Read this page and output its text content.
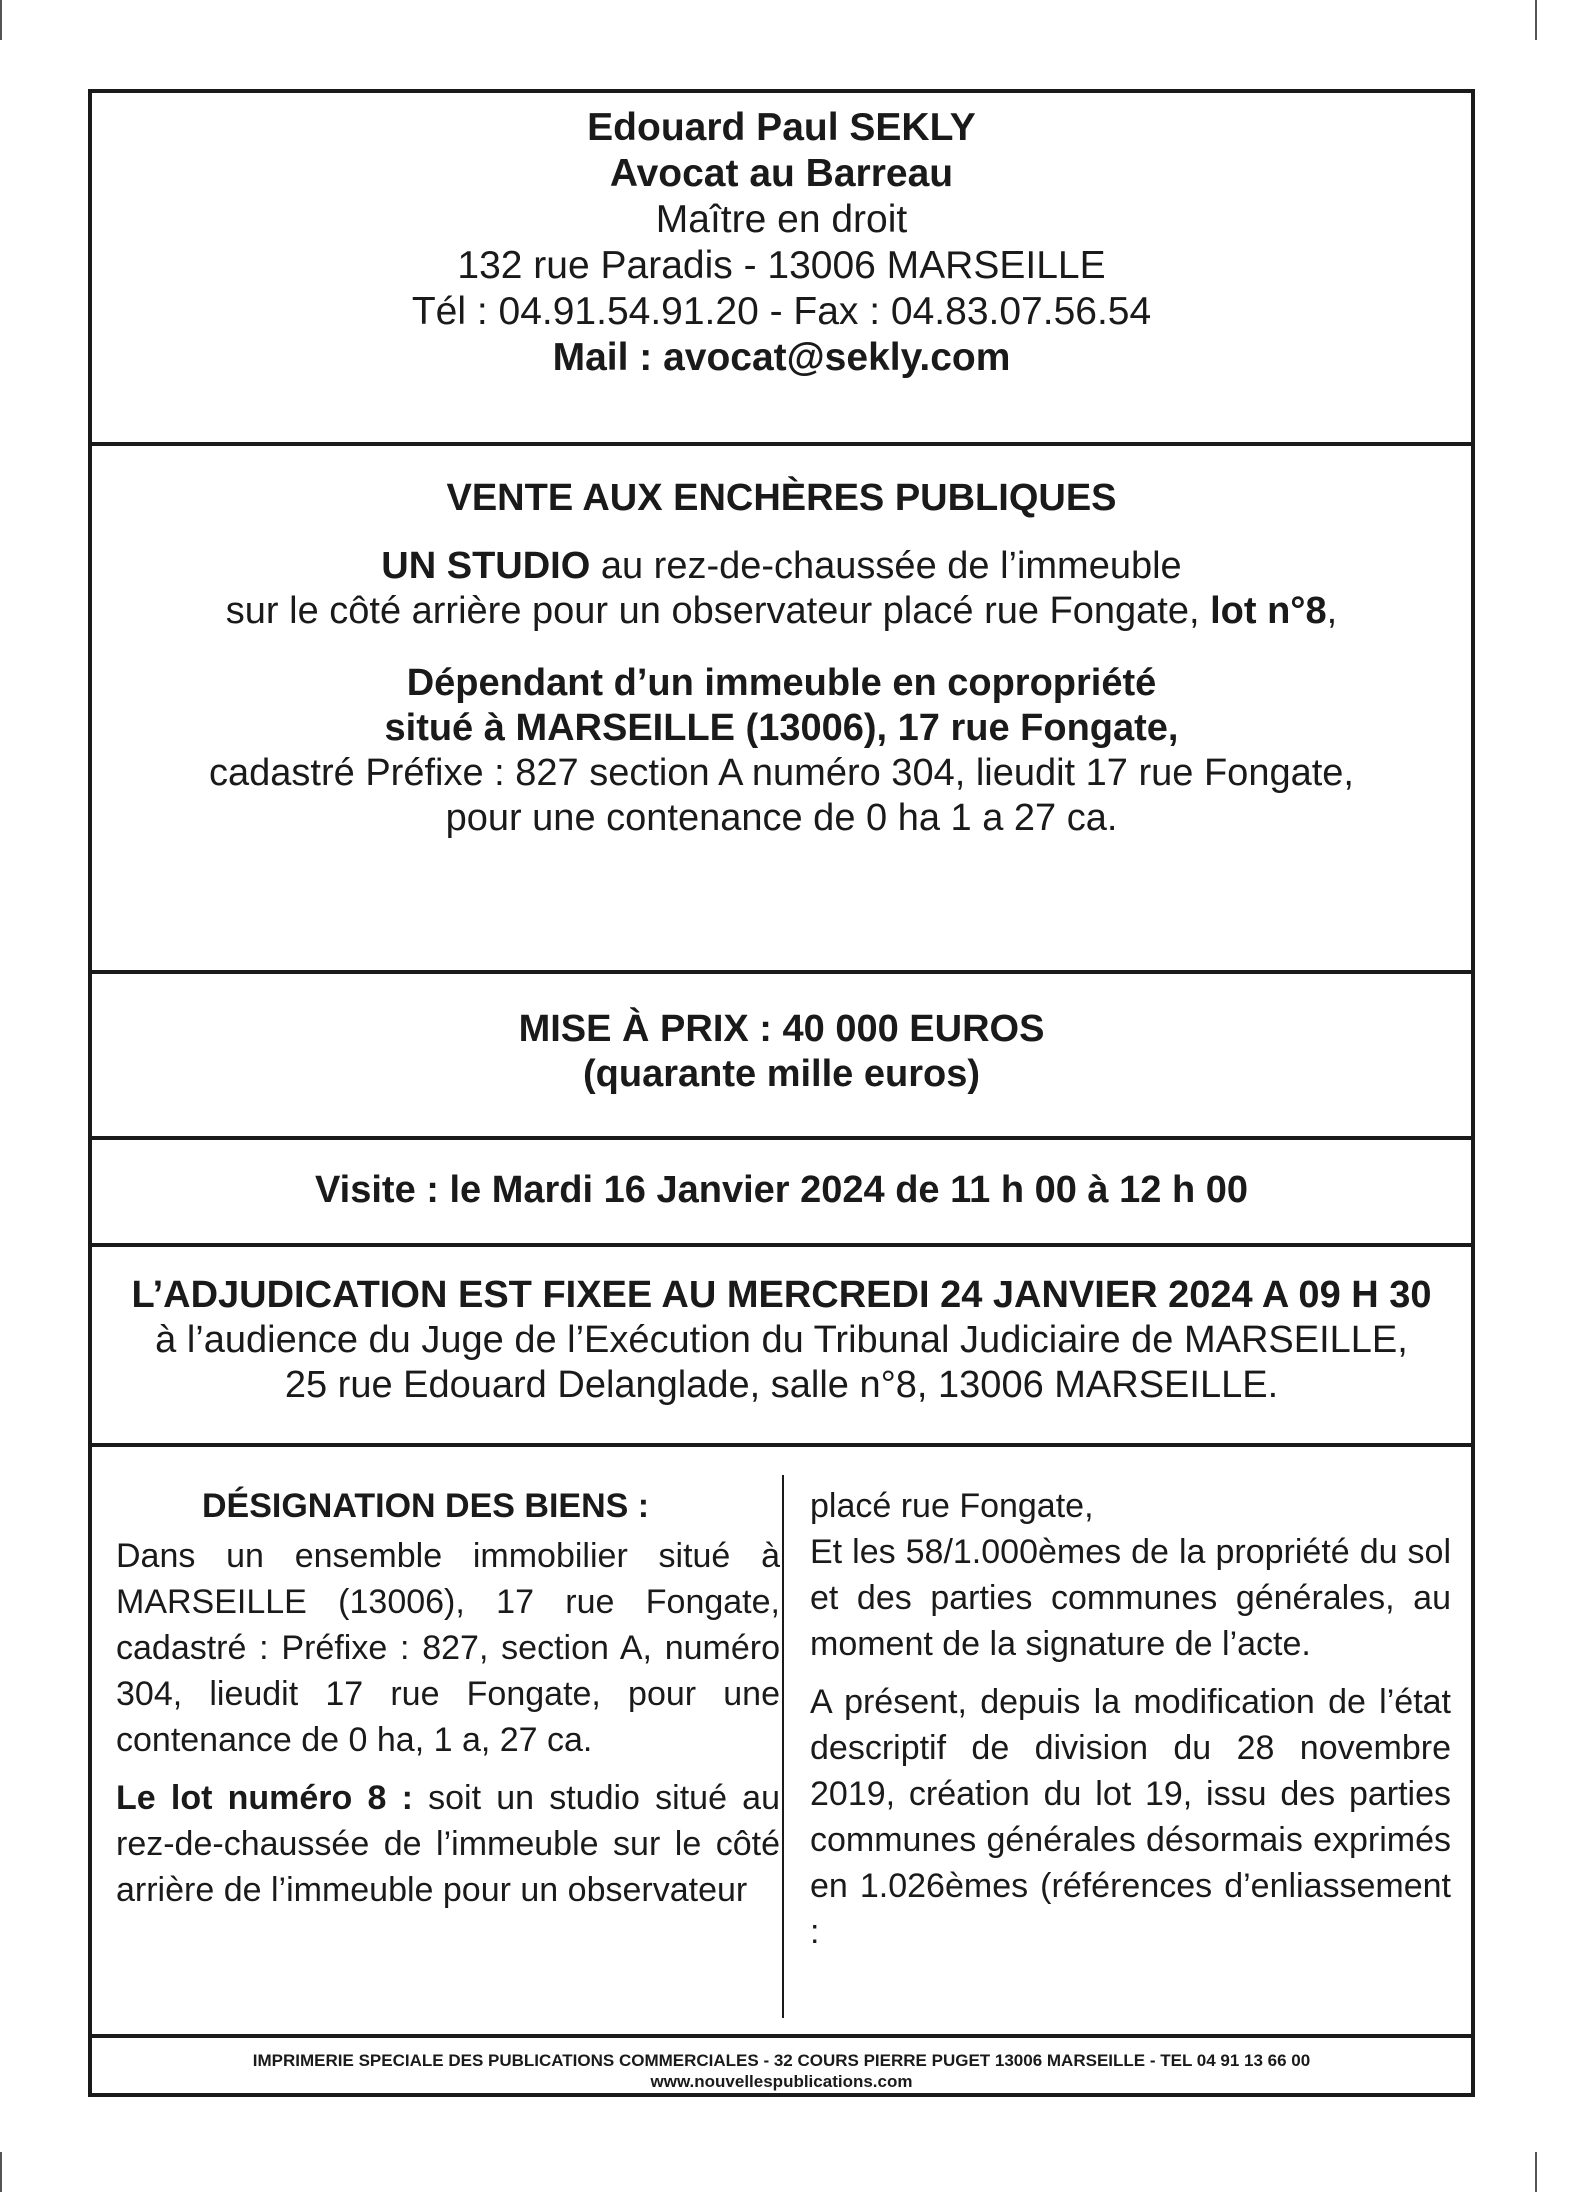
Edouard Paul SEKLY
Avocat au Barreau
Maître en droit
132 rue Paradis - 13006 MARSEILLE
Tél : 04.91.54.91.20 - Fax : 04.83.07.56.54
Mail : avocat@sekly.com
VENTE AUX ENCHÈRES PUBLIQUES
UN STUDIO au rez-de-chaussée de l’immeuble
sur le côté arrière pour un observateur placé rue Fongate, lot n°8,
Dépendant d’un immeuble en copropriété
situé à MARSEILLE (13006), 17 rue Fongate,
cadastré Préfixe : 827 section A numéro 304, lieudit 17 rue Fongate,
pour une contenance de 0 ha 1 a 27 ca.
MISE À PRIX : 40 000 EUROS
(quarante mille euros)
Visite : le Mardi 16 Janvier 2024 de 11 h 00 à 12 h 00
L’ADJUDICATION EST FIXEE AU MERCREDI 24 JANVIER 2024 A 09 H 30
à l’audience du Juge de l’Exécution du Tribunal Judiciaire de MARSEILLE,
25 rue Edouard Delanglade, salle n°8, 13006 MARSEILLE.

DÉSIGNATION DES BIENS :

Dans un ensemble immobilier situé à MARSEILLE (13006), 17 rue Fongate, cadastré : Préfixe : 827, section A, numéro 304, lieudit 17 rue Fongate, pour une contenance de 0 ha, 1 a, 27 ca.

Le lot numéro 8 : soit un studio situé au rez-de-chaussée de l’immeuble sur le côté arrière de l’immeuble pour un observateur

placé rue Fongate,

Et les 58/1.000èmes de la propriété du sol et des parties communes générales, au moment de la signature de l’acte.

A présent, depuis la modification de l’état descriptif de division du 28 novembre 2019, création du lot 19, issu des parties communes générales désormais exprimés en 1.026èmes (références d’enliassement :

IMPRIMERIE SPECIALE DES PUBLICATIONS COMMERCIALES - 32 COURS PIERRE PUGET 13006 MARSEILLE - TEL 04 91 13 66 00
www.nouvellespublications.com
